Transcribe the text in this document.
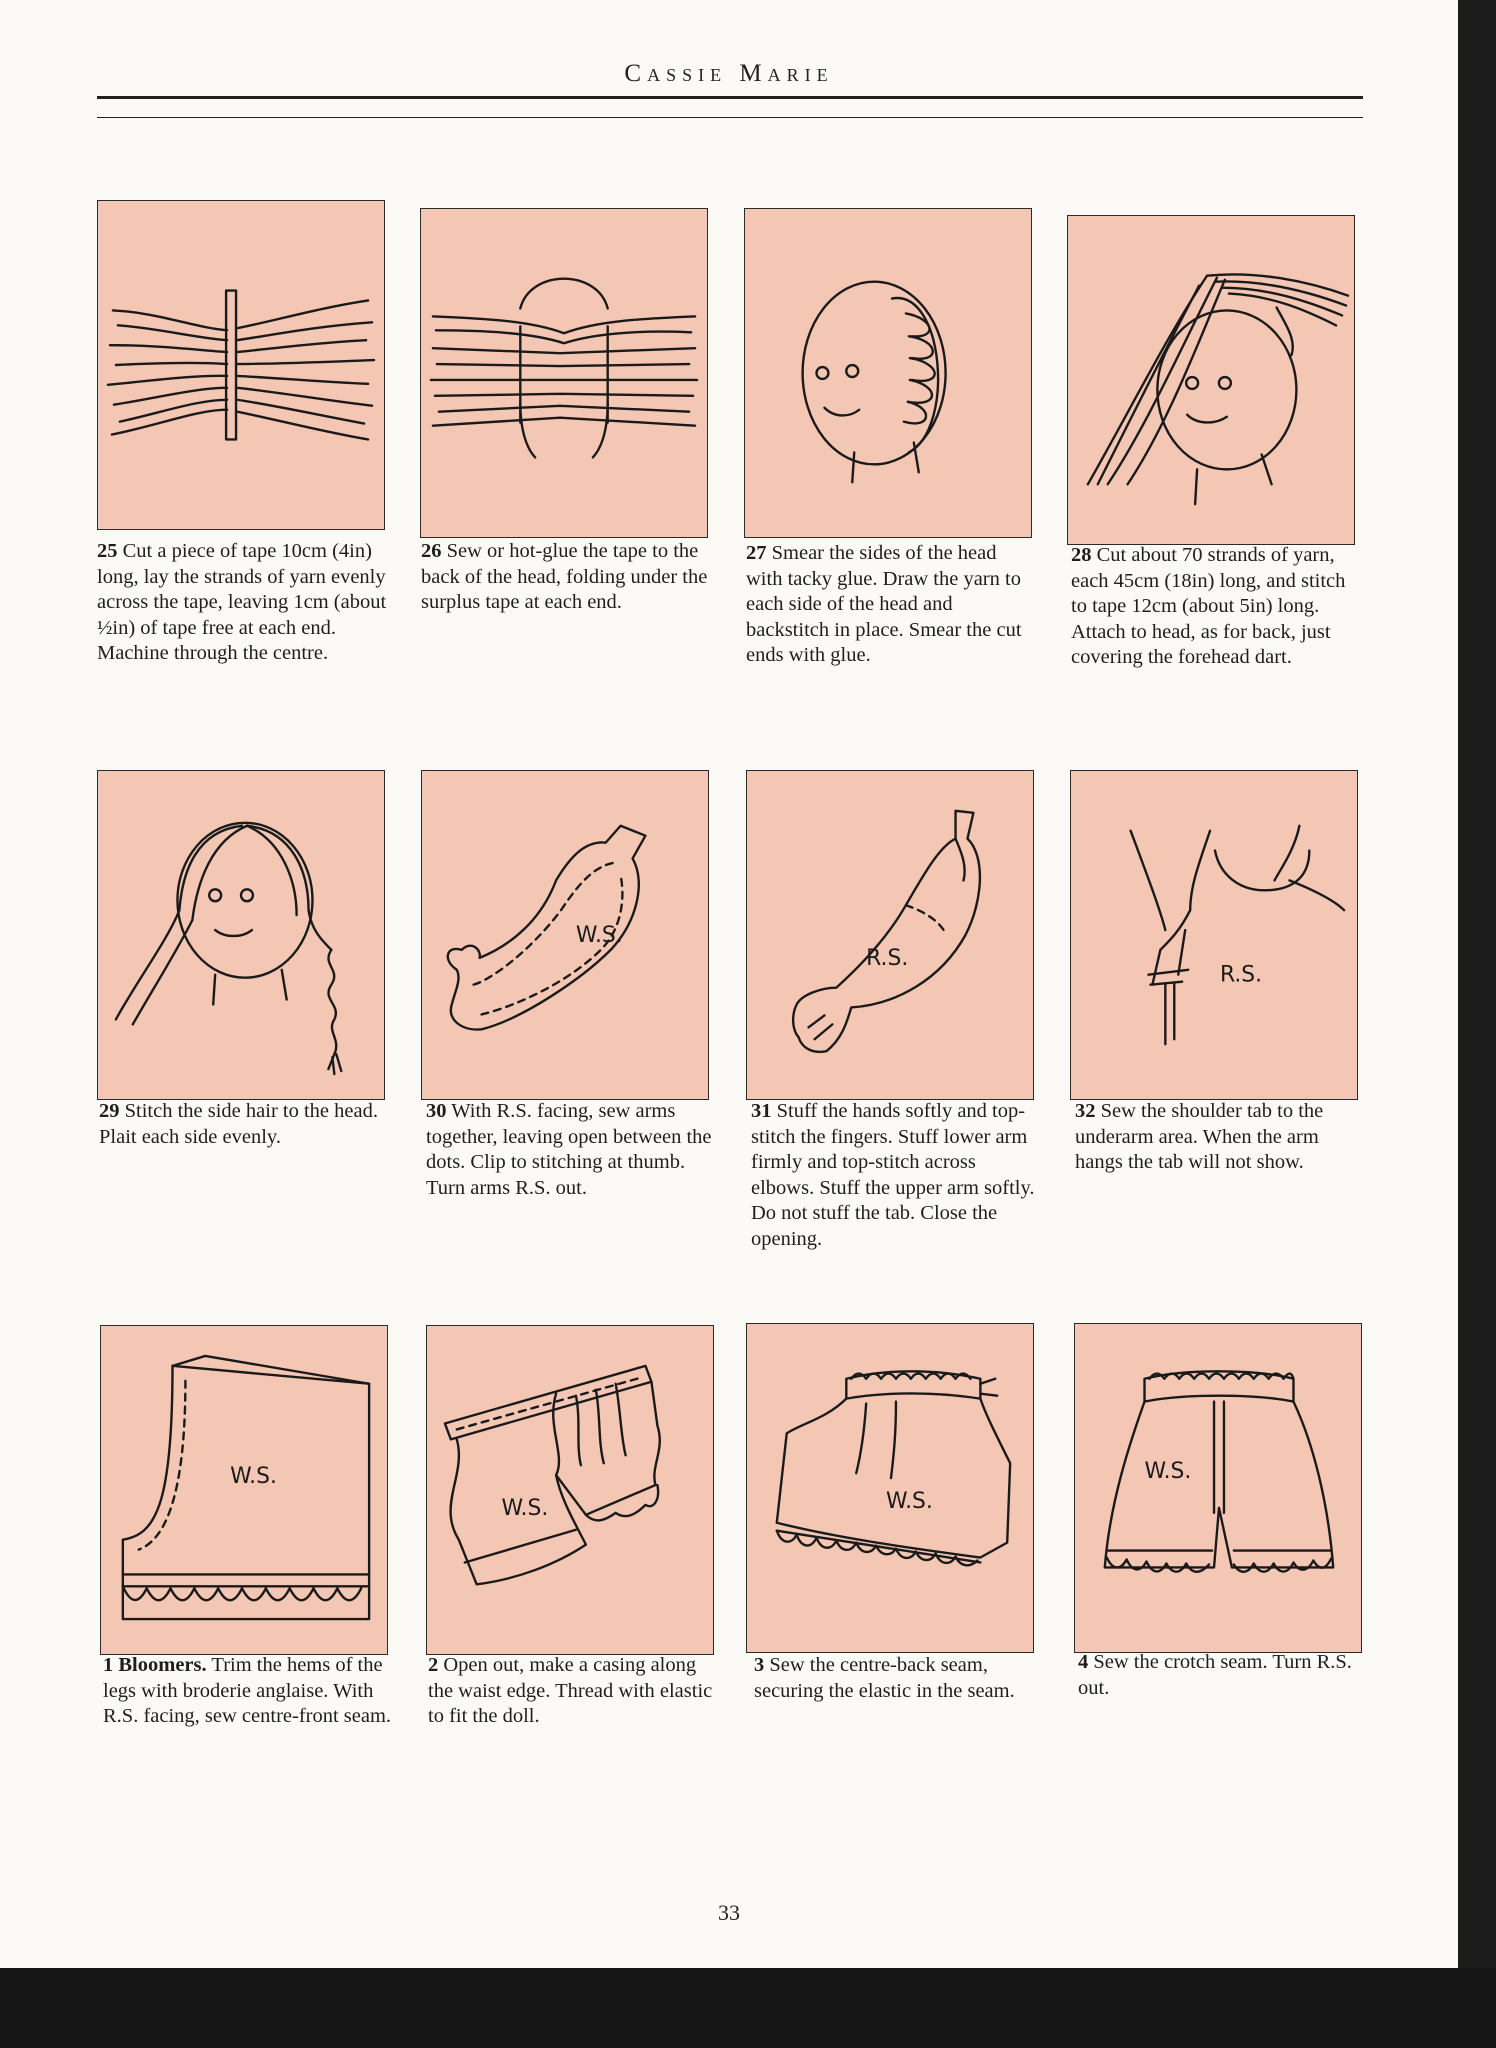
Cassie Marie
25 Cut a piece of tape 10cm (4in) long, lay the strands of yarn evenly across the tape, leaving 1cm (about ½in) of tape free at each end. Machine through the centre.
26 Sew or hot-glue the tape to the back of the head, folding under the surplus tape at each end.
27 Smear the sides of the head with tacky glue. Draw the yarn to each side of the head and backstitch in place. Smear the cut ends with glue.
28 Cut about 70 strands of yarn, each 45cm (18in) long, and stitch to tape 12cm (about 5in) long. Attach to head, as for back, just covering the forehead dart.
W.S.
R.S.
R.S.
29 Stitch the side hair to the head. Plait each side evenly.
30 With R.S. facing, sew arms together, leaving open between the dots. Clip to stitching at thumb. Turn arms R.S. out.
31 Stuff the hands softly and top-stitch the fingers. Stuff lower arm firmly and top-stitch across elbows. Stuff the upper arm softly. Do not stuff the tab. Close the opening.
32 Sew the shoulder tab to the underarm area. When the arm hangs the tab will not show.
W.S.
W.S.	W.S.
W.S.
1 Bloomers. Trim the hems of the legs with broderie anglaise. With R.S. facing, sew centre-front seam.
2 Open out, make a casing along the waist edge. Thread with elastic to fit the doll.
3 Sew the centre-back seam, securing the elastic in the seam.
4 Sew the crotch seam. Turn R.S. out.
33
